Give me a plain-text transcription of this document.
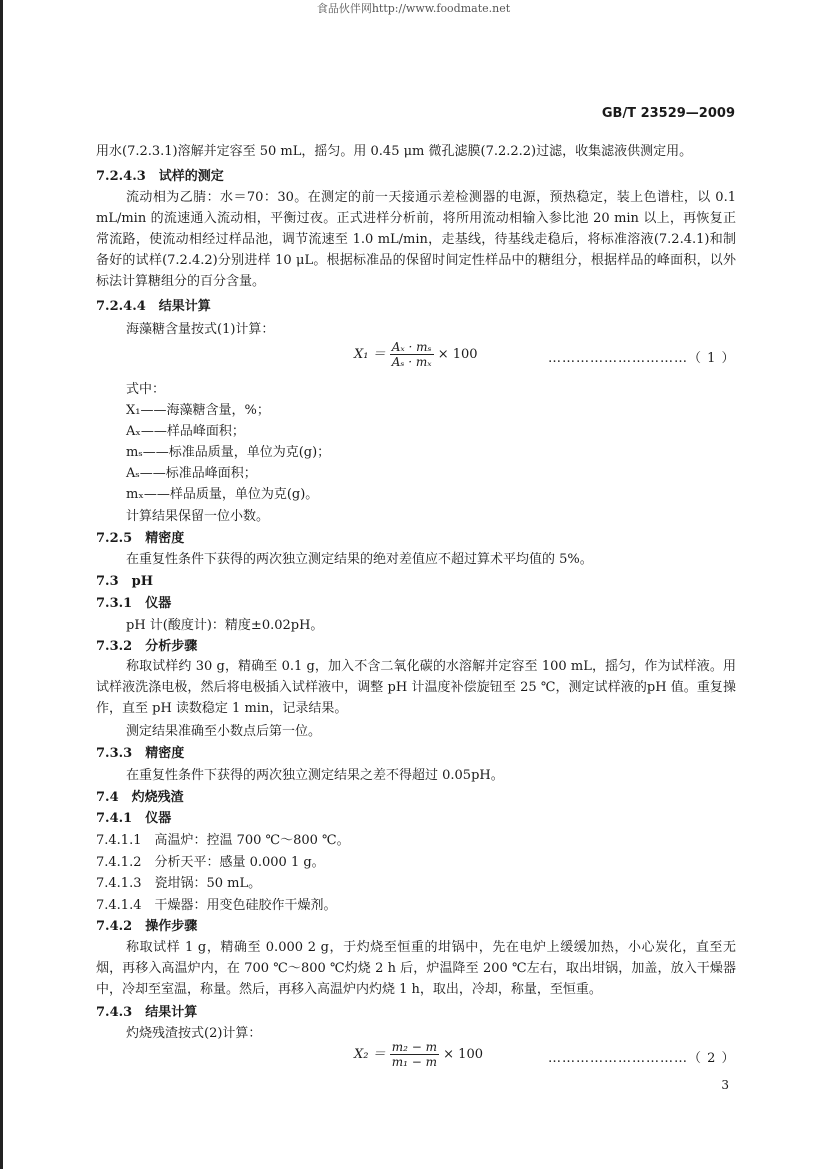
食品伙伴网http://www.foodmate.net
GB/T 23529—2009
用水(7.2.3.1)溶解并定容至 50 mL，摇匀。用 0.45 μm 微孔滤膜(7.2.2.2)过滤，收集滤液供测定用。
7.2.4.3　试样的测定
流动相为乙腈：水＝70：30。在测定的前一天接通示差检测器的电源，预热稳定，装上色谱柱，以 0.1 mL/min 的流速通入流动相，平衡过夜。正式进样分析前，将所用流动相输入参比池 20 min 以上，再恢复正常流路，使流动相经过样品池，调节流速至 1.0 mL/min，走基线，待基线走稳后，将标准溶液(7.2.4.1)和制备好的试样(7.2.4.2)分别进样 10 μL。根据标准品的保留时间定性样品中的糖组分，根据样品的峰面积，以外标法计算糖组分的百分含量。
7.2.4.4　结果计算
海藻糖含量按式(1)计算：
$X_1 = \frac{\text{Aₓ · mₛ}}{\text{Aₛ · mₓ}} \times 100$	…………………………（ 1 ）
式中：
X₁——海藻糖含量，%；
Aₓ——样品峰面积；
mₛ——标准品质量，单位为克(g)；
Aₛ——标准品峰面积；
mₓ——样品质量，单位为克(g)。
计算结果保留一位小数。
7.2.5　精密度
在重复性条件下获得的两次独立测定结果的绝对差值应不超过算术平均值的 5%。
7.3　pH
7.3.1　仪器
pH 计(酸度计)：精度±0.02pH。
7.3.2　分析步骤
称取试样约 30 g，精确至 0.1 g，加入不含二氧化碳的水溶解并定容至 100 mL，摇匀，作为试样液。用试样液洗涤电极，然后将电极插入试样液中，调整 pH 计温度补偿旋钮至 25 ℃，测定试样液的pH 值。重复操作，直至 pH 读数稳定 1 min，记录结果。
测定结果准确至小数点后第一位。
7.3.3　精密度
在重复性条件下获得的两次独立测定结果之差不得超过 0.05pH。
7.4　灼烧残渣
7.4.1　仪器
7.4.1.1　高温炉：控温 700 ℃～800 ℃。
7.4.1.2　分析天平：感量 0.000 1 g。
7.4.1.3　瓷坩锅：50 mL。
7.4.1.4　干燥器：用变色硅胶作干燥剂。
7.4.2　操作步骤
称取试样 1 g，精确至 0.000 2 g，于灼烧至恒重的坩锅中，先在电炉上缓缓加热，小心炭化，直至无烟，再移入高温炉内，在 700 ℃～800 ℃灼烧 2 h 后，炉温降至 200 ℃左右，取出坩锅，加盖，放入干燥器中，冷却至室温，称量。然后，再移入高温炉内灼烧 1 h，取出，冷却，称量，至恒重。
7.4.3　结果计算
灼烧残渣按式(2)计算：
$X_2 = \frac{\text{m₂ − m}}{\text{m₁ − m}} \times 100$	…………………………（ 2 ）
3
